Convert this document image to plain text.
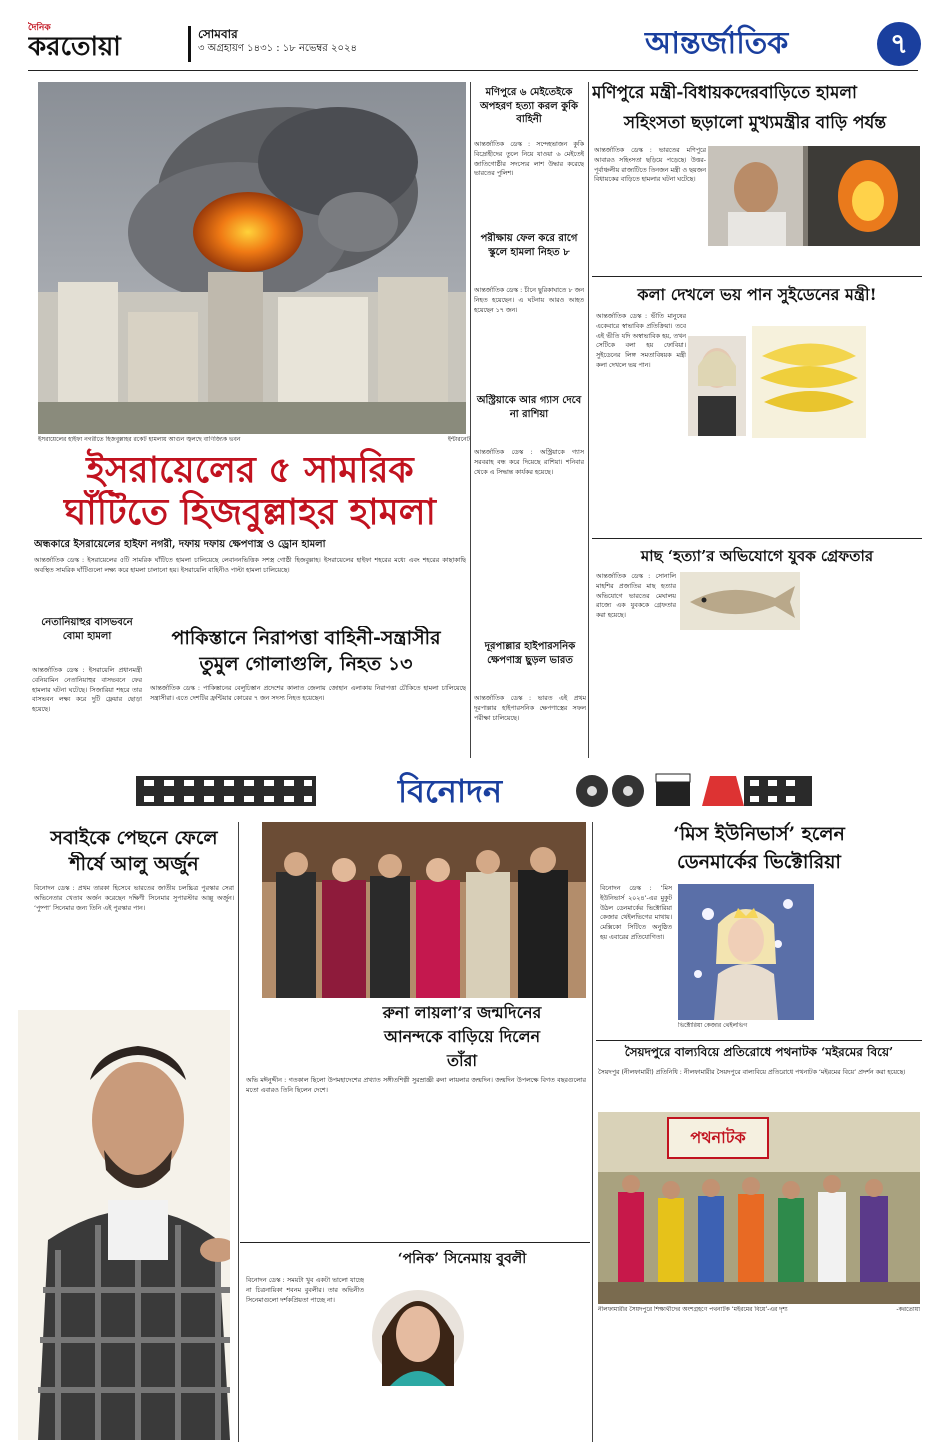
দৈনিক
করতোয়া	সোমবার
৩ অগ্রহায়ণ ১৪৩১ : ১৮ নভেম্বর ২০২৪	আন্তর্জাতিক	৭
ইসরায়েলের হাইফা নগরীতে হিজবুল্লাহর রকেট হামলায় আগুন জ্বলছে বাণিজ্যিক ভবন	ইন্টারনেট
ইসরায়েলের ৫ সামরিক
ঘাঁটিতে হিজবুল্লাহর হামলা
অন্ধকারে ইসরায়েলের হাইফা নগরী, দফায় দফায় ক্ষেপণাস্ত্র ও ড্রোন হামলা
আন্তর্জাতিক ডেস্ক : ইসরায়েলের ৫টি সামরিক ঘাঁটিতে হামলা চালিয়েছে লেবাননভিত্তিক সশস্ত্র গোষ্ঠী হিজবুল্লাহ। ইসরায়েলের হাইফা শহরের মধ্যে এবং শহরের কাছাকাছি অবস্থিত সামরিক ঘাঁটিগুলো লক্ষ্য করে হামলা চালানো হয়। ইসরায়েলি বাহিনীও পাল্টা হামলা চালিয়েছে।
মণিপুরে ৬ মেইতেইকে অপহরণ হত্যা করল কুকি বাহিনী
আন্তর্জাতিক ডেস্ক : সন্দেহভাজন কুকি বিদ্রোহীদের তুলে নিয়ে যাওয়া ৬ মেইতেই জাতিগোষ্ঠীর সদস্যের লাশ উদ্ধার করেছে ভারতের পুলিশ।
পরীক্ষায় ফেল করে রাগে স্কুলে হামলা নিহত ৮
আন্তর্জাতিক ডেস্ক : চীনে ছুরিকাঘাতে ৮ জন নিহত হয়েছেন। এ ঘটনায় আরও আহত হয়েছেন ১৭ জন।
অস্ট্রিয়াকে আর গ্যাস দেবে না রাশিয়া
আন্তর্জাতিক ডেস্ক : অস্ট্রিয়াকে গ্যাস সরবরাহ বন্ধ করে দিয়েছে রাশিয়া। শনিবার থেকে এ সিদ্ধান্ত কার্যকর হয়েছে।
মণিপুরে মন্ত্রী-বিধায়কদেরবাড়িতে হামলা
সহিংসতা ছড়ালো মুখ্যমন্ত্রীর বাড়ি পর্যন্ত
আন্তর্জাতিক ডেস্ক : ভারতের মণিপুরে আবারও সহিংসতা ছড়িয়ে পড়েছে। উত্তর-পূর্বাঞ্চলীয় রাজ্যটিতে তিনজন মন্ত্রী ও ছয়জন বিধায়কের বাড়িতে হামলার ঘটনা ঘটেছে।
কলা দেখলে ভয় পান সুইডেনের মন্ত্রী!
আন্তর্জাতিক ডেস্ক : ভীতি মানুষের একেবারে স্বাভাবিক প্রতিক্রিয়া। তবে এই ভীতি যদি অস্বাভাবিক হয়, তখন সেটিকে বলা হয় ফোবিয়া। সুইডেনের লিঙ্গ সমতাবিষয়ক মন্ত্রী কলা দেখলে ভয় পান।
মাছ ‘হত্যা’র অভিযোগে যুবক গ্রেফতার
আন্তর্জাতিক ডেস্ক : সোনালি মাহশির প্রজাতির মাছ হত্যার অভিযোগে ভারতের মেঘালয় রাজ্যে এক যুবককে গ্রেফতার করা হয়েছে।
নেতানিয়াহুর বাসভবনে বোমা হামলা
আন্তর্জাতিক ডেস্ক : ইসরায়েলি প্রধানমন্ত্রী বেনিয়ামিন নেতানিয়াহুর বাসভবনে ফের হামলার ঘটনা ঘটেছে। সিজারিয়া শহরে তার বাসভবন লক্ষ্য করে দুটি ফ্লেয়ার ছোড়া হয়েছে।
পাকিস্তানে নিরাপত্তা বাহিনী-সন্ত্রাসীর
তুমুল গোলাগুলি, নিহত ১৩
আন্তর্জাতিক ডেস্ক : পাকিস্তানের বেলুচিস্তান প্রদেশের কালাত জেলায় জোহান এলাকায় নিরাপত্তা চৌকিতে হামলা চালিয়েছে সন্ত্রাসীরা। এতে দেশটির ফ্রন্টিয়ার কোরের ৭ জন সদস্য নিহত হয়েছেন।
দূরপাল্লার হাইপারসনিক ক্ষেপণাস্ত্র ছুড়ল ভারত
আন্তর্জাতিক ডেস্ক : ভারত এই প্রথম দূরপাল্লার হাইপারসনিক ক্ষেপণাস্ত্রের সফল পরীক্ষা চালিয়েছে।
বিনোদন
সবাইকে পেছনে ফেলে
শীর্ষে আলু অর্জুন
বিনোদন ডেস্ক : প্রথম তারকা হিসেবে ভারতের জাতীয় চলচ্চিত্র পুরস্কার সেরা অভিনেতার খেতাব অর্জন করেছেন দক্ষিণী সিনেমার সুপারস্টার আল্লু অর্জুন। ‘পুষ্পা’ সিনেমার জন্য তিনি এই পুরস্কার পান।
রুনা লায়লা’র জন্মদিনের
আনন্দকে বাড়িয়ে দিলেন
তাঁরা
অভি মঈনুদ্দীন : গতকাল ছিলো উপমহাদেশের প্রখ্যাত সঙ্গীতশিল্পী সুরম্রাজ্ঞী রুনা লায়লার জন্মদিন। জন্মদিন উপলক্ষে বিগত বছরগুলোর মতো এবারও তিনি ছিলেন দেশে।
‘পনিক’ সিনেমায় বুবলী
বিনোদন ডেস্ক : সময়টা খুব একটা ভালো যাচ্ছে না চিত্রনায়িকা শবনম বুবলীর। তার অভিনীত সিনেমাগুলো দর্শকপ্রিয়তা পাচ্ছে না।
‘মিস ইউনিভার্স’ হলেন
ডেনমার্কের ভিক্টোরিয়া
বিনোদন ডেস্ক : ‘মিস ইউনিভার্স ২০২৪’-এর মুকুট উঠল ডেনমার্কের ভিক্টোরিয়া কেজার থেইলভিগের মাথায়। মেক্সিকো সিটিতে অনুষ্ঠিত হয় এবারের প্রতিযোগিতা।
ভিক্টোরিয়া কেজার থেইলভিগ
সৈয়দপুরে বাল্যবিয়ে প্রতিরোধে পথনাটক ‘মইরমের বিয়ে’
সৈয়দপুর (নীলফামারী) প্রতিনিধি : নীলফামারীর সৈয়দপুরে বাল্যবিয়ে প্রতিরোধে পথনাটক ‘মইরমের বিয়ে’ প্রদর্শন করা হয়েছে।
পথনাটক
নীলফামারীর সৈয়দপুরে শিক্ষার্থীদের অংশগ্রহণে পথনাটক ‘মইরমের বিয়ে’-এর দৃশ্য	-করতোয়া
